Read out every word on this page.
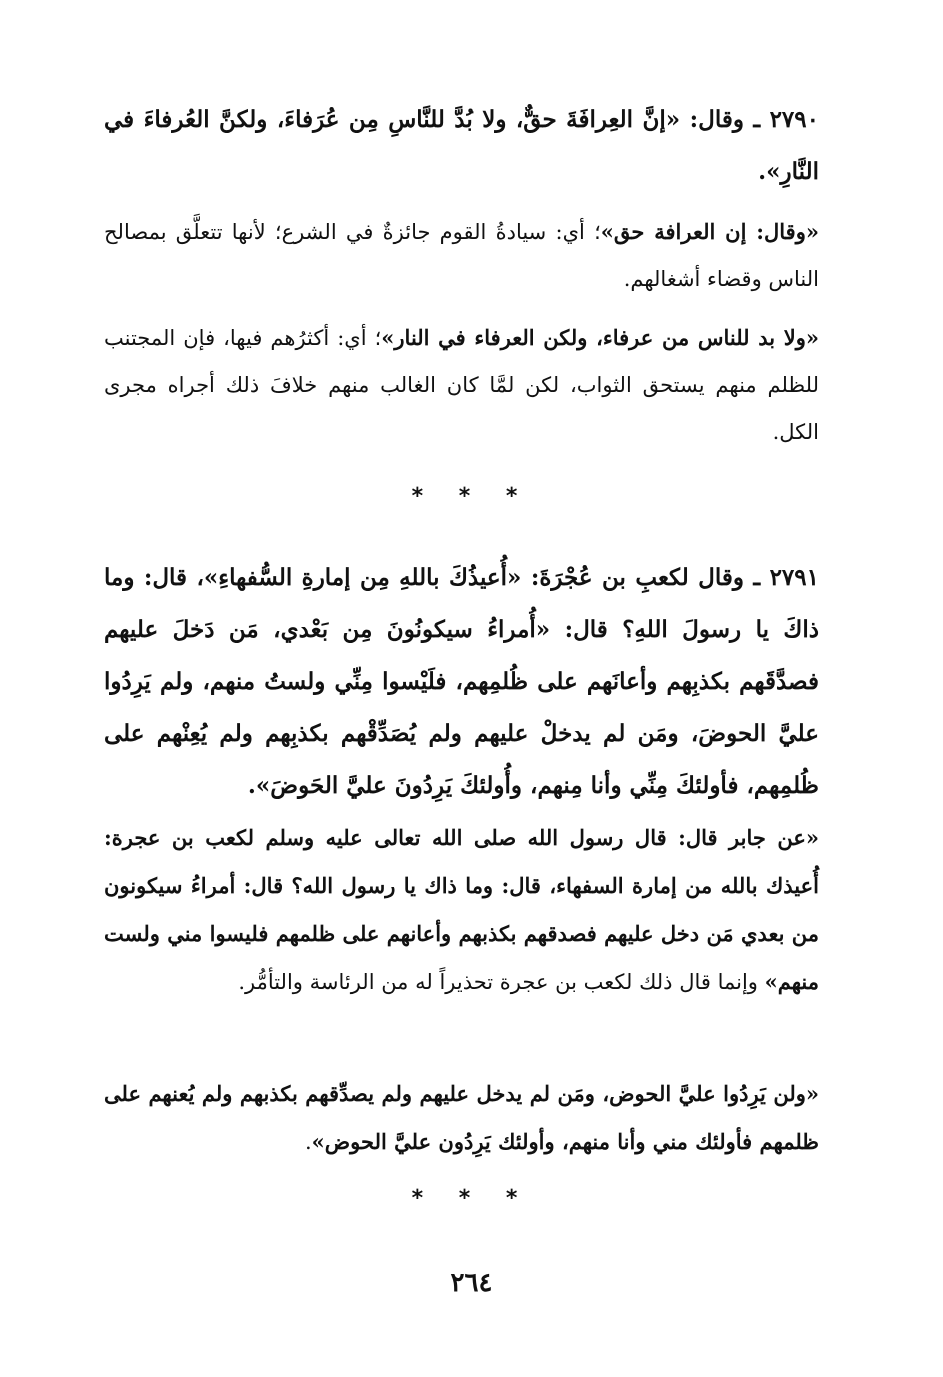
٢٧٩٠ ـ وقال: «إنَّ العِرافَةَ حقٌّ، ولا بُدَّ للنَّاسِ مِن عُرَفاءَ، ولكنَّ العُرفاءَ في النَّارِ».

«وقال: إن العرافة حق»؛ أي: سيادةُ القوم جائزةٌ في الشرع؛ لأنها تتعلَّق بمصالح الناس وقضاء أشغالهم.

«ولا بد للناس من عرفاء، ولكن العرفاء في النار»؛ أي: أكثرُهم فيها، فإن المجتنب للظلم منهم يستحق الثواب، لكن لمَّا كان الغالب منهم خلافَ ذلك أجراه مجرى الكل.

* * *

٢٧٩١ ـ وقال لكعبِ بن عُجْرَةَ: «أُعيذُكَ باللهِ مِن إمارةِ السُّفهاءِ»، قال: وما ذاكَ يا رسولَ اللهِ؟ قال: «أُمراءُ سيكونُونَ مِن بَعْدي، مَن دَخلَ عليهم فصدَّقَهم بكذبِهم وأعانَهم على ظُلمِهم، فلَيْسوا مِنِّي ولستُ منهم، ولم يَرِدُوا عليَّ الحوضَ، ومَن لم يدخلْ عليهم ولم يُصَدِّقْهم بكذبِهم ولم يُعِنْهم على ظُلمِهم، فأولئكَ مِنِّي وأنا مِنهم، وأُولئكَ يَرِدُونَ عليَّ الحَوضَ».

«عن جابر قال: قال رسول الله صلى الله تعالى عليه وسلم لكعب بن عجرة: أُعيذك بالله من إمارة السفهاء، قال: وما ذاك يا رسول الله؟ قال: أمراءُ سيكونون من بعدي مَن دخل عليهم فصدقهم بكذبهم وأعانهم على ظلمهم فليسوا مني ولست منهم» وإنما قال ذلك لكعب بن عجرة تحذيراً له من الرئاسة والتأمُّر.

«ولن يَرِدُوا عليَّ الحوض، ومَن لم يدخل عليهم ولم يصدِّقهم بكذبهم ولم يُعنهم على ظلمهم فأولئك مني وأنا منهم، وأولئك يَرِدُون عليَّ الحوض».

* * *
٢٦٤
